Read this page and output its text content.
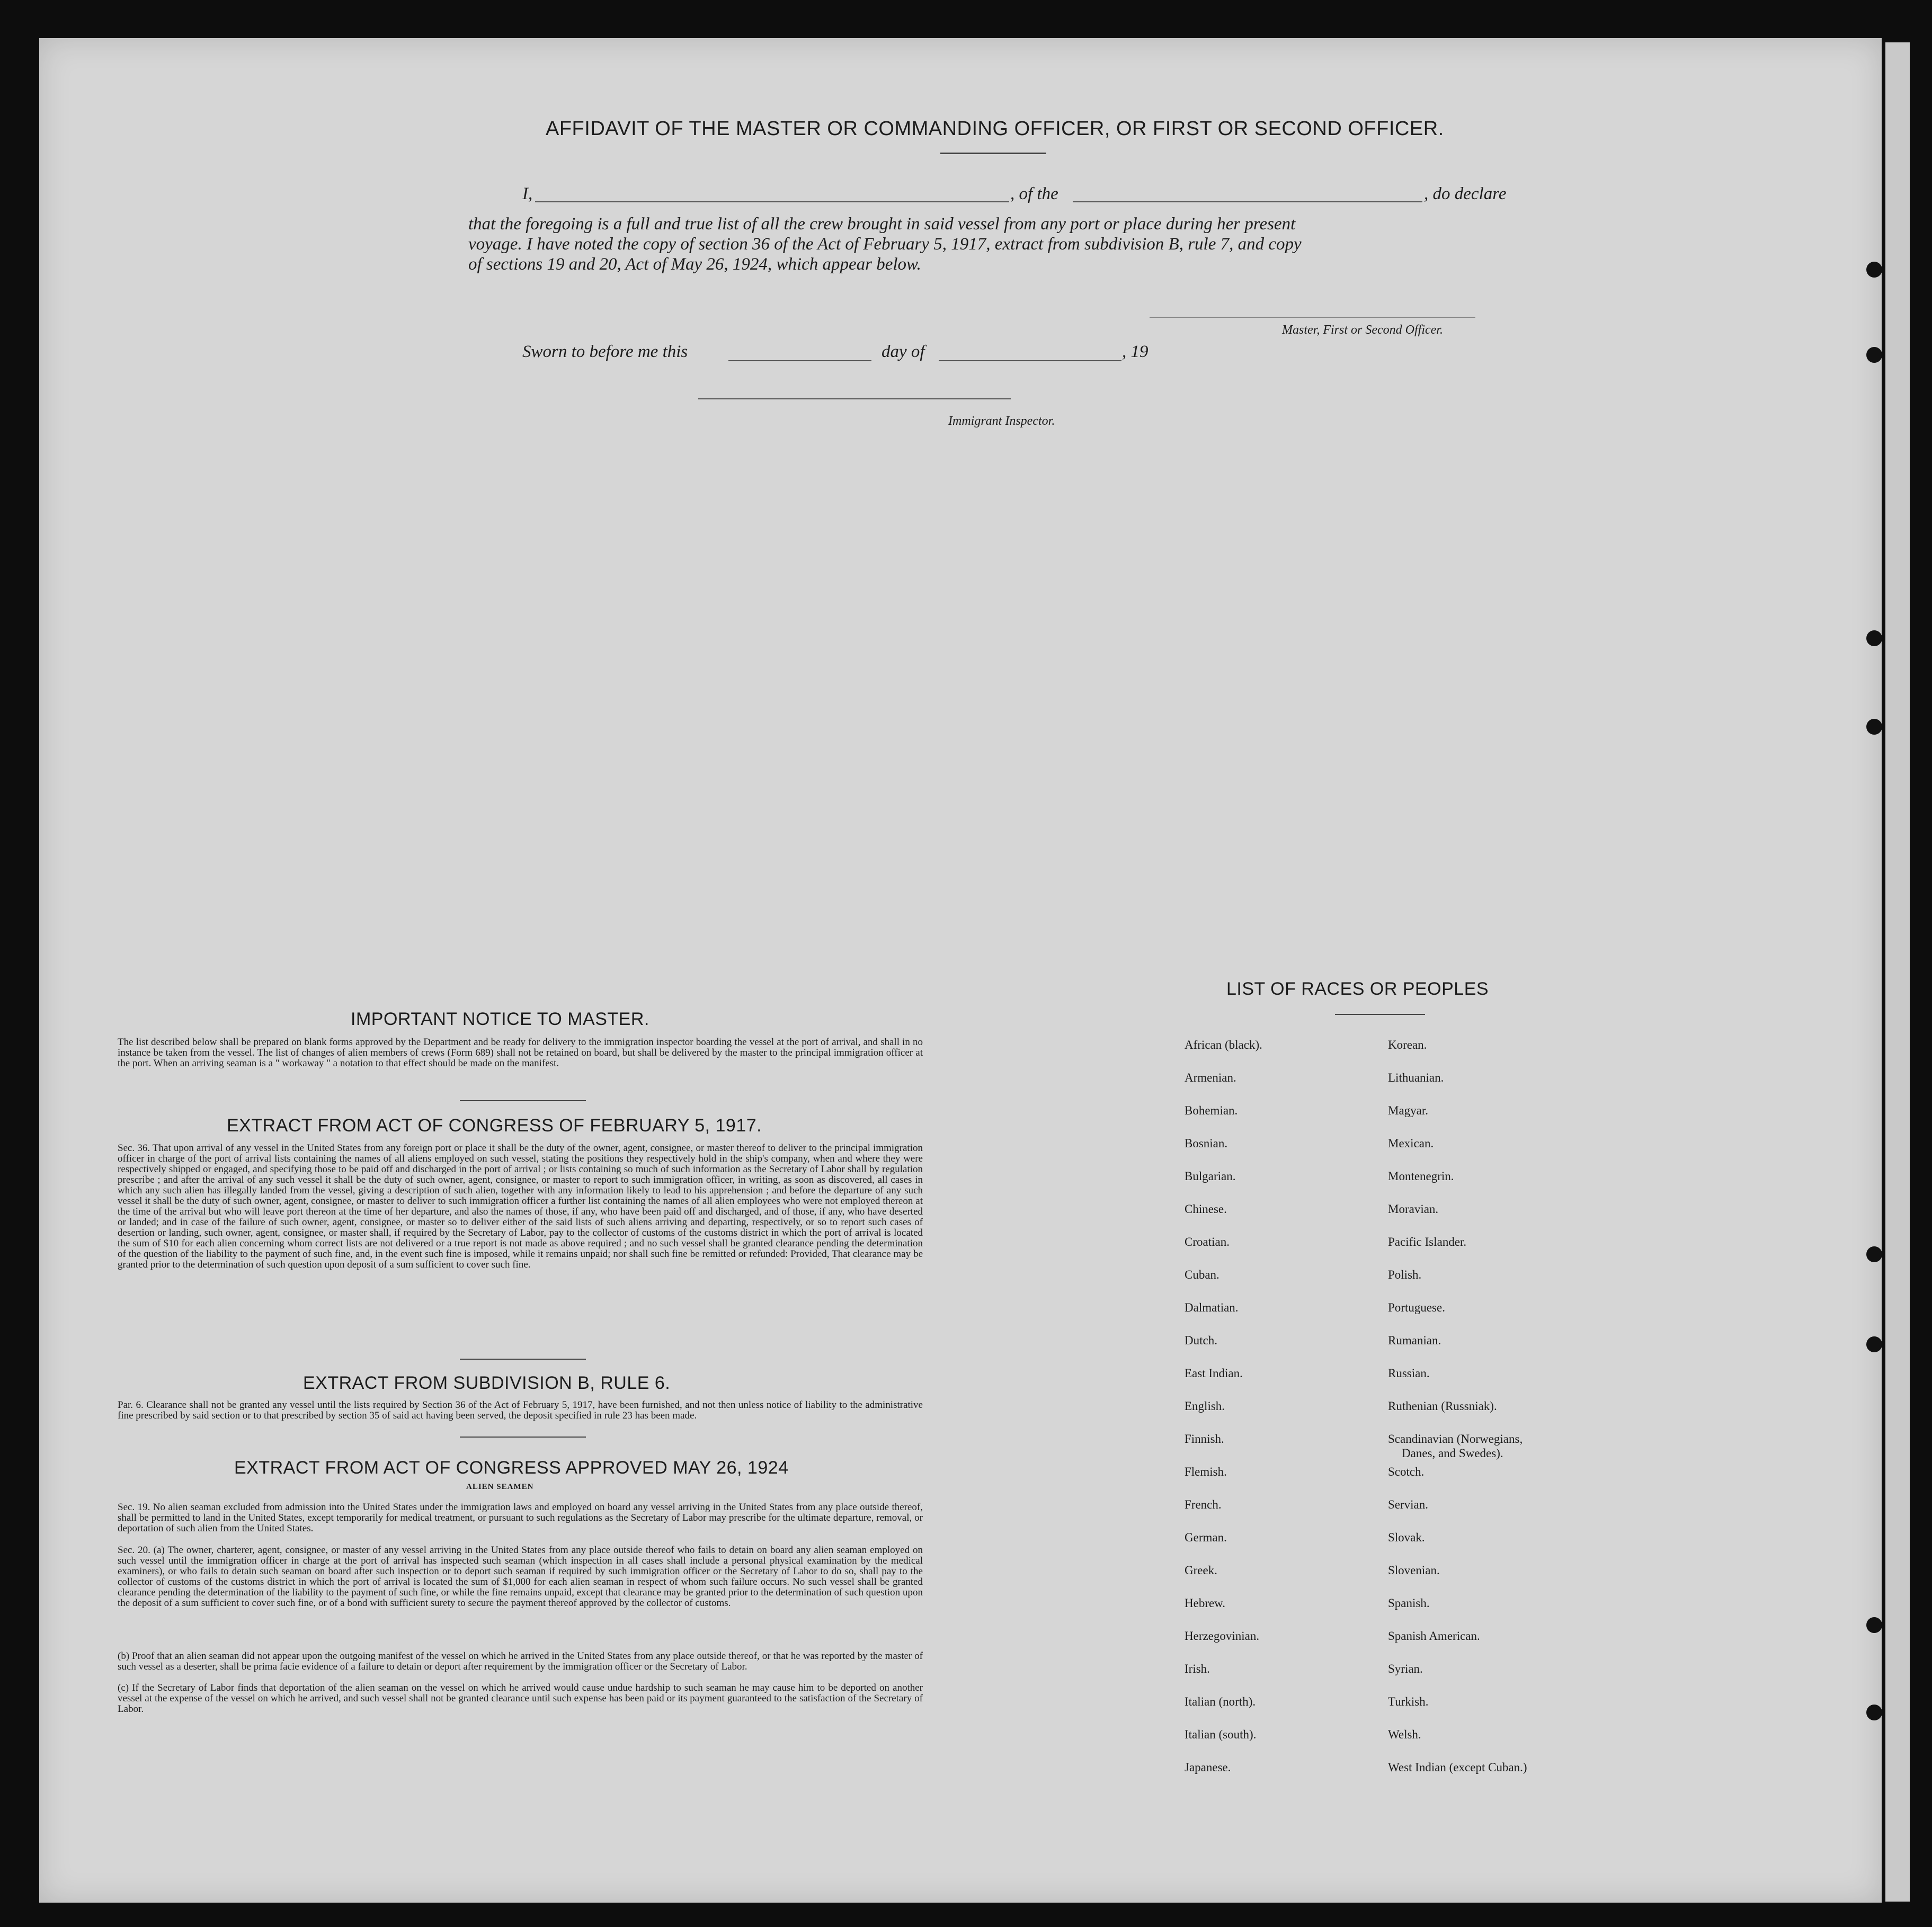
AFFIDAVIT OF THE MASTER OR COMMANDING OFFICER, OR FIRST OR SECOND OFFICER.
I,	, of the	, do declare
that the foregoing is a full and true list of all the crew brought in said vessel from any port or place during her present
voyage. I have noted the copy of section 36 of the Act of February 5, 1917, extract from subdivision B, rule 7, and copy
of sections 19 and 20, Act of May 26, 1924, which appear below.
Master, First or Second Officer.
Sworn to before me this	day of	, 19
Immigrant Inspector.
IMPORTANT NOTICE TO MASTER.
The list described below shall be prepared on blank forms approved by the Department and be ready for delivery to the immigration inspector boarding the vessel at the port of arrival, and shall in no instance be taken from the vessel. The list of changes of alien members of crews (Form 689) shall not be retained on board, but shall be delivered by the master to the principal immigration officer at the port. When an arriving seaman is a " workaway " a notation to that effect should be made on the manifest.
EXTRACT FROM ACT OF CONGRESS OF FEBRUARY 5, 1917.
Sec. 36. That upon arrival of any vessel in the United States from any foreign port or place it shall be the duty of the owner, agent, consignee, or master thereof to deliver to the principal immigration officer in charge of the port of arrival lists containing the names of all aliens employed on such vessel, stating the positions they respectively hold in the ship's company, when and where they were respectively shipped or engaged, and specifying those to be paid off and discharged in the port of arrival ; or lists containing so much of such information as the Secretary of Labor shall by regulation prescribe ; and after the arrival of any such vessel it shall be the duty of such owner, agent, consignee, or master to report to such immigration officer, in writing, as soon as discovered, all cases in which any such alien has illegally landed from the vessel, giving a description of such alien, together with any information likely to lead to his apprehension ; and before the departure of any such vessel it shall be the duty of such owner, agent, consignee, or master to deliver to such immigration officer a further list containing the names of all alien employees who were not employed thereon at the time of the arrival but who will leave port thereon at the time of her departure, and also the names of those, if any, who have been paid off and discharged, and of those, if any, who have deserted or landed; and in case of the failure of such owner, agent, consignee, or master so to deliver either of the said lists of such aliens arriving and departing, respectively, or so to report such cases of desertion or landing, such owner, agent, consignee, or master shall, if required by the Secretary of Labor, pay to the collector of customs of the customs district in which the port of arrival is located the sum of $10 for each alien concerning whom correct lists are not delivered or a true report is not made as above required ; and no such vessel shall be granted clearance pending the determination of the question of the liability to the payment of such fine, and, in the event such fine is imposed, while it remains unpaid; nor shall such fine be remitted or refunded: Provided, That clearance may be granted prior to the determination of such question upon deposit of a sum sufficient to cover such fine.
EXTRACT FROM SUBDIVISION B, RULE 6.
Par. 6. Clearance shall not be granted any vessel until the lists required by Section 36 of the Act of February 5, 1917, have been furnished, and not then unless notice of liability to the administrative fine prescribed by said section or to that prescribed by section 35 of said act having been served, the deposit specified in rule 23 has been made.
EXTRACT FROM ACT OF CONGRESS APPROVED MAY 26, 1924
ALIEN SEAMEN
Sec. 19. No alien seaman excluded from admission into the United States under the immigration laws and employed on board any vessel arriving in the United States from any place outside thereof, shall be permitted to land in the United States, except temporarily for medical treatment, or pursuant to such regulations as the Secretary of Labor may prescribe for the ultimate departure, removal, or deportation of such alien from the United States.
Sec. 20. (a) The owner, charterer, agent, consignee, or master of any vessel arriving in the United States from any place outside thereof who fails to detain on board any alien seaman employed on such vessel until the immigration officer in charge at the port of arrival has inspected such seaman (which inspection in all cases shall include a personal physical examination by the medical examiners), or who fails to detain such seaman on board after such inspection or to deport such seaman if required by such immigration officer or the Secretary of Labor to do so, shall pay to the collector of customs of the customs district in which the port of arrival is located the sum of $1,000 for each alien seaman in respect of whom such failure occurs. No such vessel shall be granted clearance pending the determination of the liability to the payment of such fine, or while the fine remains unpaid, except that clearance may be granted prior to the determination of such question upon the deposit of a sum sufficient to cover such fine, or of a bond with sufficient surety to secure the payment thereof approved by the collector of customs.
(b) Proof that an alien seaman did not appear upon the outgoing manifest of the vessel on which he arrived in the United States from any place outside thereof, or that he was reported by the master of such vessel as a deserter, shall be prima facie evidence of a failure to detain or deport after requirement by the immigration officer or the Secretary of Labor.
(c) If the Secretary of Labor finds that deportation of the alien seaman on the vessel on which he arrived would cause undue hardship to such seaman he may cause him to be deported on another vessel at the expense of the vessel on which he arrived, and such vessel shall not be granted clearance until such expense has been paid or its payment guaranteed to the satisfaction of the Secretary of Labor.
LIST OF RACES OR PEOPLES
African (black).
Armenian.
Bohemian.
Bosnian.
Bulgarian.
Chinese.
Croatian.
Cuban.
Dalmatian.
Dutch.
East Indian.
English.
Finnish.
Flemish.
French.
German.
Greek.
Hebrew.
Herzegovinian.
Irish.
Italian (north).
Italian (south).
Japanese.
Korean.
Lithuanian.
Magyar.
Mexican.
Montenegrin.
Moravian.
Pacific Islander.
Polish.
Portuguese.
Rumanian.
Russian.
Ruthenian (Russniak).
Scandinavian (Norwegians,
Danes, and Swedes).
Scotch.
Servian.
Slovak.
Slovenian.
Spanish.
Spanish American.
Syrian.
Turkish.
Welsh.
West Indian (except Cuban.)
